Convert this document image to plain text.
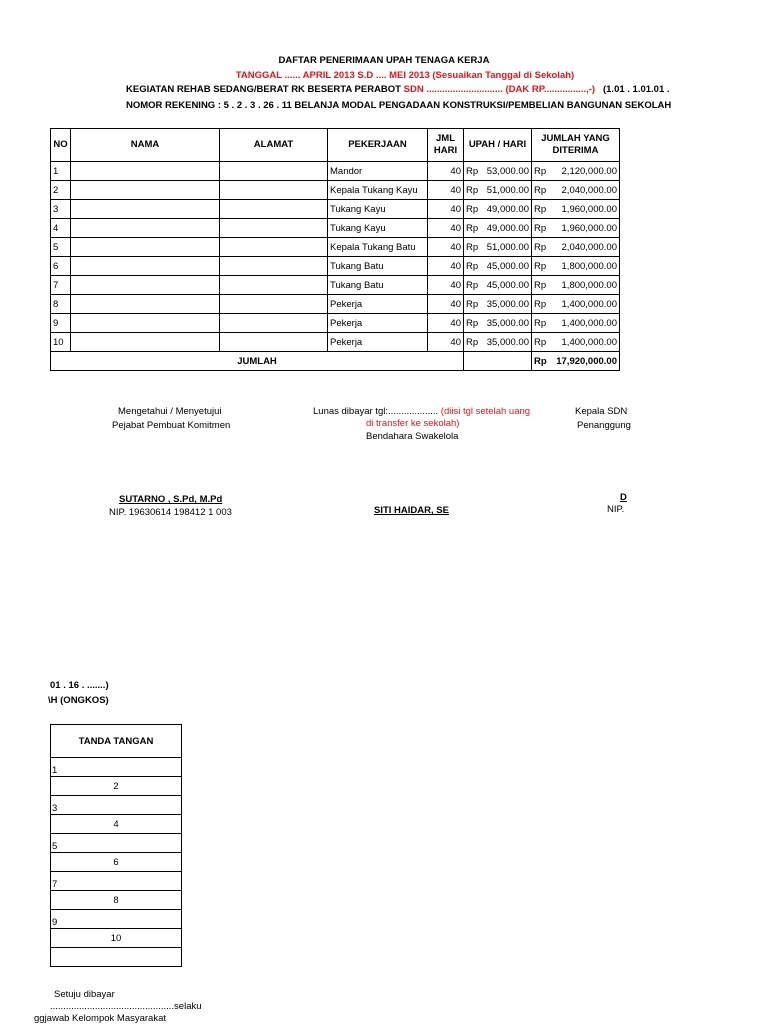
DAFTAR PENERIMAAN UPAH TENAGA KERJA
TANGGAL ...... APRIL 2013 S.D .... MEI 2013 (Sesuaikan Tanggal di Sekolah)
KEGIATAN REHAB SEDANG/BERAT RK BESERTA PERABOT SDN ............................. (DAK RP................,-) (1.01 . 1.01.01 .
NOMOR REKENING : 5 . 2 . 3 . 26 . 11 BELANJA MODAL PENGADAAN KONSTRUKSI/PEMBELIAN BANGUNAN SEKOLAH
NO	NAMA	ALAMAT	PEKERJAAN	JML HARI	UPAH / HARI	JUMLAH YANG DITERIMA
1			Mandor	40	Rp 53,000.00	Rp 2,120,000.00

2			Kepala Tukang Kayu	40	Rp 51,000.00	Rp 2,040,000.00

3			Tukang Kayu	40	Rp 49,000.00	Rp 1,960,000.00

4			Tukang Kayu	40	Rp 49,000.00	Rp 1,960,000.00

5			Kepala Tukang Batu	40	Rp 51,000.00	Rp 2,040,000.00

6			Tukang Batu	40	Rp 45,000.00	Rp 1,800,000.00

7			Tukang Batu	40	Rp 45,000.00	Rp 1,800,000.00

8			Pekerja	40	Rp 35,000.00	Rp 1,400,000.00

9			Pekerja	40	Rp 35,000.00	Rp 1,400,000.00

10			Pekerja	40	Rp 35,000.00	Rp 1,400,000.00

JUMLAH						Rp 17,920,000.00
Mengetahui / Menyetujui
Pejabat Pembuat Komitmen
Lunas dibayar tgl:................... (diisi tgl setelah uang
di transfer ke sekolah)
Bendahara Swakelola
Kepala SDN
Penanggung
SUTARNO , S.Pd, M.Pd
NIP. 19630614 198412 1 003	SITI HAIDAR, SE
D
NIP.
01 . 16 . .......)
\H (ONGKOS)
TANDA TANGAN
1
2
3
4
5
6
7
8
9
10

Setuju dibayar
...............................................selaku
ggjawab Kelompok Masyarakat
